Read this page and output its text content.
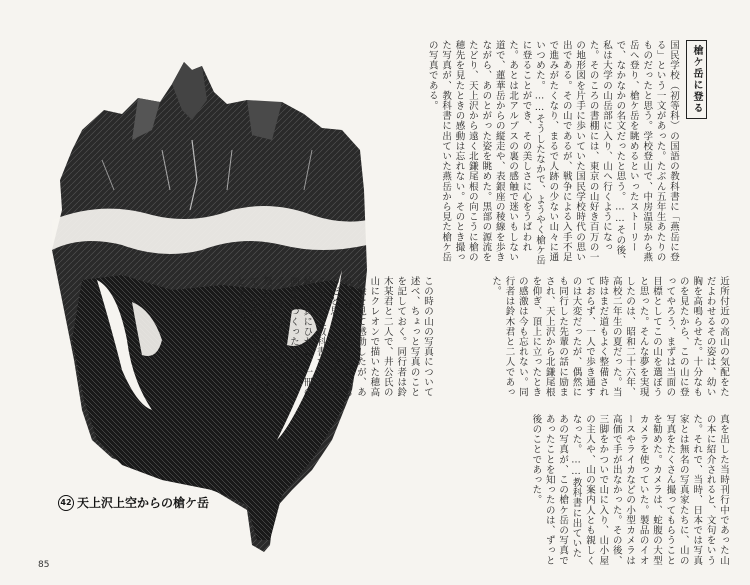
42 天上沢上空からの槍ケ岳
85
槍ケ岳に登る

国民学校（初等科）の国語の教科書に「燕岳に登る」という一文があった。たぶん五年生あたりのものだったと思う。学校登山で、中房温泉から燕岳へ登り、槍ケ岳を眺めるといったストーリーで、なかなかの名文だったと思う。……その後、私は大学の山岳部に入り、山へ行くようになった。そのころの書棚には、東京の山好き百万の一の地形図を片手に歩いていた国民学校時代の思い出である。その山であるが、戦争による入手不足で進みがたくなり、まるで人跡の少ない山々に通いつめた。……そうしたなかで、ようやく槍ケ岳に登ることができ、その美しさに心をうばわれた。あとは北アルプスの裏の感触で迷いもしない道で、蓮華岳からの縦走や、表銀座の稜線を歩きながら、あのとがった姿を眺めた。黒部の源流をたどり、天上沢から遠く北鎌尾根の向こうに槍の穂先を見たときの感動は忘れない。そのとき撮った写真が、教科書に出ていた燕岳から見た槍ケ岳の写真である。

この時の山の写真について述べ、ちょっと写真のことを記しておく。同行者は鈴木某君と二人で、井公氏の山にクレオンで描いた穂高の絵を見て感動したが、あれでよくあの山を描けたものだと思う。私も小学生のころの国定教科書で、山の絵と写真にひかれ、一冊の画集をつくったことがある。会に出品したり、文化祭の写真展示にも協力して、写真一枚を寄贈したこともある。	近所付近の高山の気配をただよわせるその姿は、幼い胸を高鳴らせた。十分なものを見たから、この山に登ってやろう、まずは当面の目標としてこの山を選ぼうと思った。そんな夢を実現したのは、昭和二十六年、高校二年生の夏だった。当時はまだ道もよく整備されておらず、一人で歩き通すのは大変だったが、偶然にも同行した先輩の話に励まされ、天上沢から北鎌尾根を仰ぎ、頂上に立ったときの感激は今も忘れない。同行者は鈴木君と二人であった。

真を出した当時刊行中であった山の本に紹介されると、文句をいうた。それで、当時、日本では写真家とは無名の写真家たちに、山の写真をたくさん撮ってもらうことを勧めた。カメラは、蛇腹の大型カメラを使っていた。製品のイオースやライカなどの小型カメラは高価で手が出なかった。その後、三脚をかついで山に入り、山小屋の主人や、山の案内人とも親しくなった。……教科書に出ていたあの写真が、この槍ケ岳の写真であったことを知ったのは、ずっと後のことであった。
